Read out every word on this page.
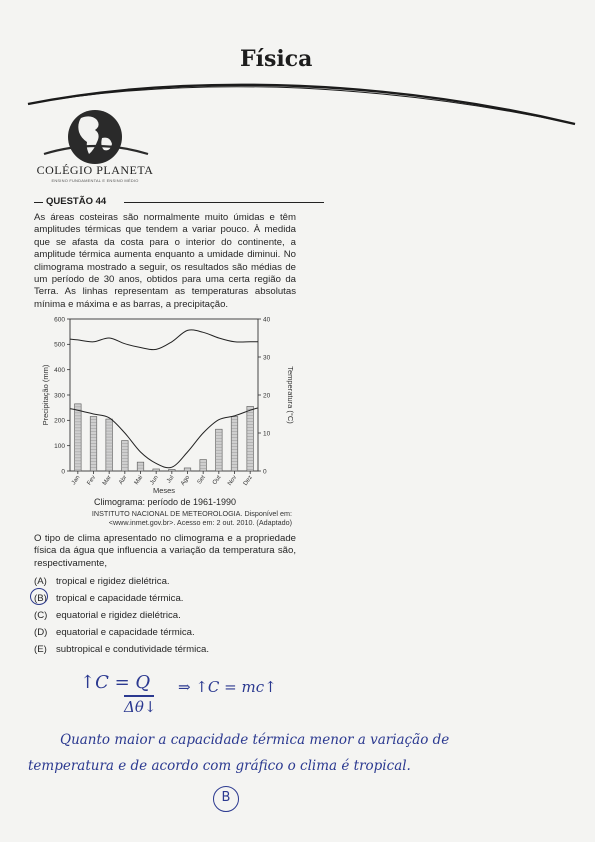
Física
COLÉGIO PLANETA
ENSINO FUNDAMENTAL E ENSINO MÉDIO
QUESTÃO 44
As áreas costeiras são normalmente muito úmidas e têm amplitudes térmicas que tendem a variar pouco. À medida que se afasta da costa para o interior do continente, a amplitude térmica aumenta enquanto a umidade diminui. No climograma mostrado a seguir, os resultados são médias de um período de 30 anos, obtidos para uma certa região da Terra. As linhas representam as temperaturas absolutas mínima e máxima e as barras, a precipitação.
0
100
200
300
400
500
600
0
10
20
30
40
Jan Fev Mar Abr Mai Jun Jul Ago Set Out Nov Dez
Meses
Precipitação (mm)	Temperatura (°C)
Climograma: período de 1961-1990
INSTITUTO NACIONAL DE METEOROLOGIA. Disponível em:
<www.inmet.gov.br>. Acesso em: 2 out. 2010. (Adaptado)
O tipo de clima apresentado no climograma e a propriedade física da água que influencia a variação da temperatura são, respectivamente,
(A) tropical e rigidez dielétrica.
(B) tropical e capacidade térmica.
(C) equatorial e rigidez dielétrica.
(D) equatorial e capacidade térmica.
(E) subtropical e condutividade térmica.
↑C = Q
Δθ↓
⇒ ↑C = mc↑
Quanto maior a capacidade térmica menor a variação de
temperatura e de acordo com gráfico o clima é tropical.
B
